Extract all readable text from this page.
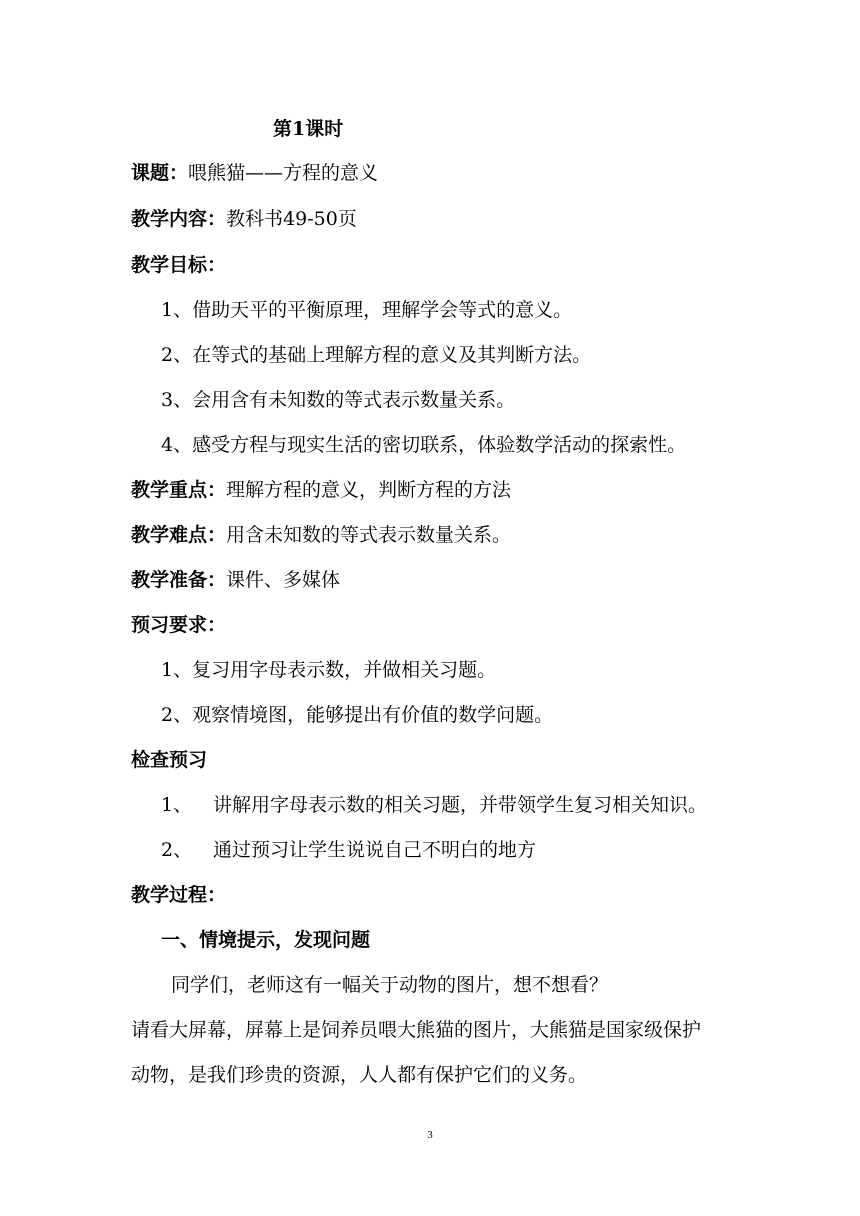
第1课时
课题：喂熊猫——方程的意义
教学内容：教科书49-50页
教学目标：
1、借助天平的平衡原理，理解学会等式的意义。
2、在等式的基础上理解方程的意义及其判断方法。
3、会用含有未知数的等式表示数量关系。
4、感受方程与现实生活的密切联系，体验数学活动的探索性。
教学重点：理解方程的意义，判断方程的方法
教学难点：用含未知数的等式表示数量关系。
教学准备：课件、多媒体
预习要求：
1、复习用字母表示数，并做相关习题。
2、观察情境图，能够提出有价值的数学问题。
检查预习
1、 讲解用字母表示数的相关习题，并带领学生复习相关知识。
2、 通过预习让学生说说自己不明白的地方
教学过程：
一、情境提示，发现问题
同学们，老师这有一幅关于动物的图片，想不想看？
请看大屏幕，屏幕上是饲养员喂大熊猫的图片，大熊猫是国家级保护
动物，是我们珍贵的资源，人人都有保护它们的义务。
3
